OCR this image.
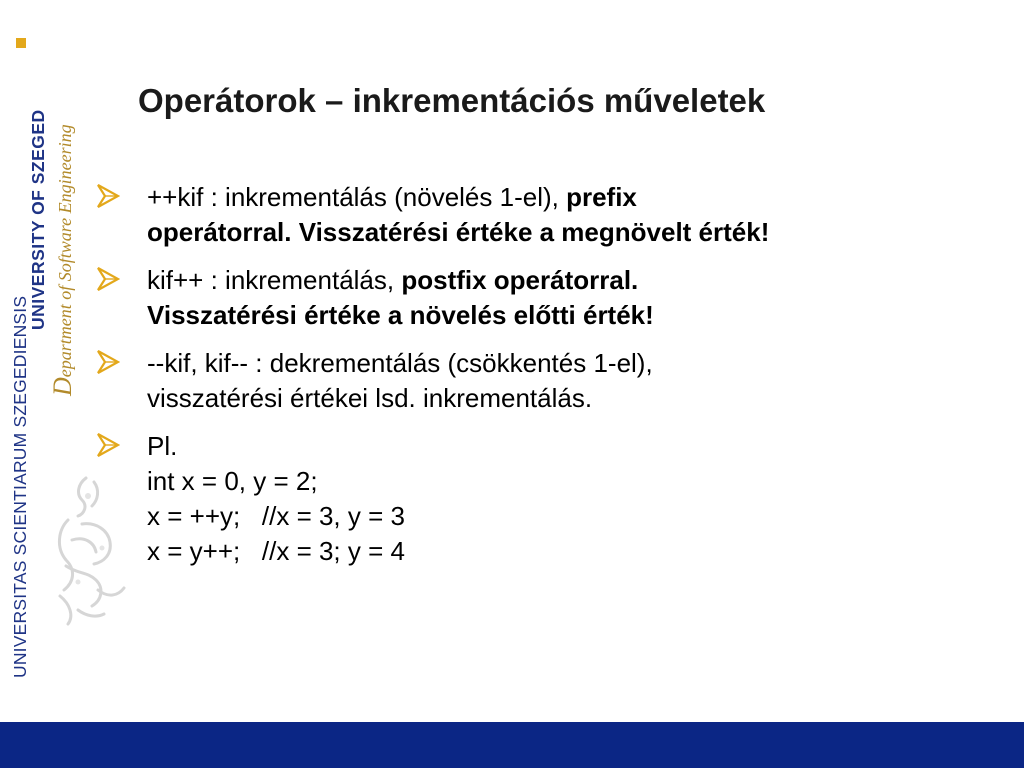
UNIVERSITAS SCIENTIARUM SZEGEDIENSIS
UNIVERSITY OF SZEGED
Department of Software Engineering
Operátorok – inkrementációs műveletek
++kif : inkrementálás (növelés 1-el), prefix
operátorral. Visszatérési értéke a megnövelt érték!
kif++ : inkrementálás, postfix operátorral.
Visszatérési értéke a növelés előtti érték!
--kif, kif-- : dekrementálás (csökkentés 1-el),
visszatérési értékei lsd. inkrementálás.
Pl.
int x = 0, y = 2;
x = ++y;   //x = 3, y = 3
x = y++;   //x = 3; y = 4
